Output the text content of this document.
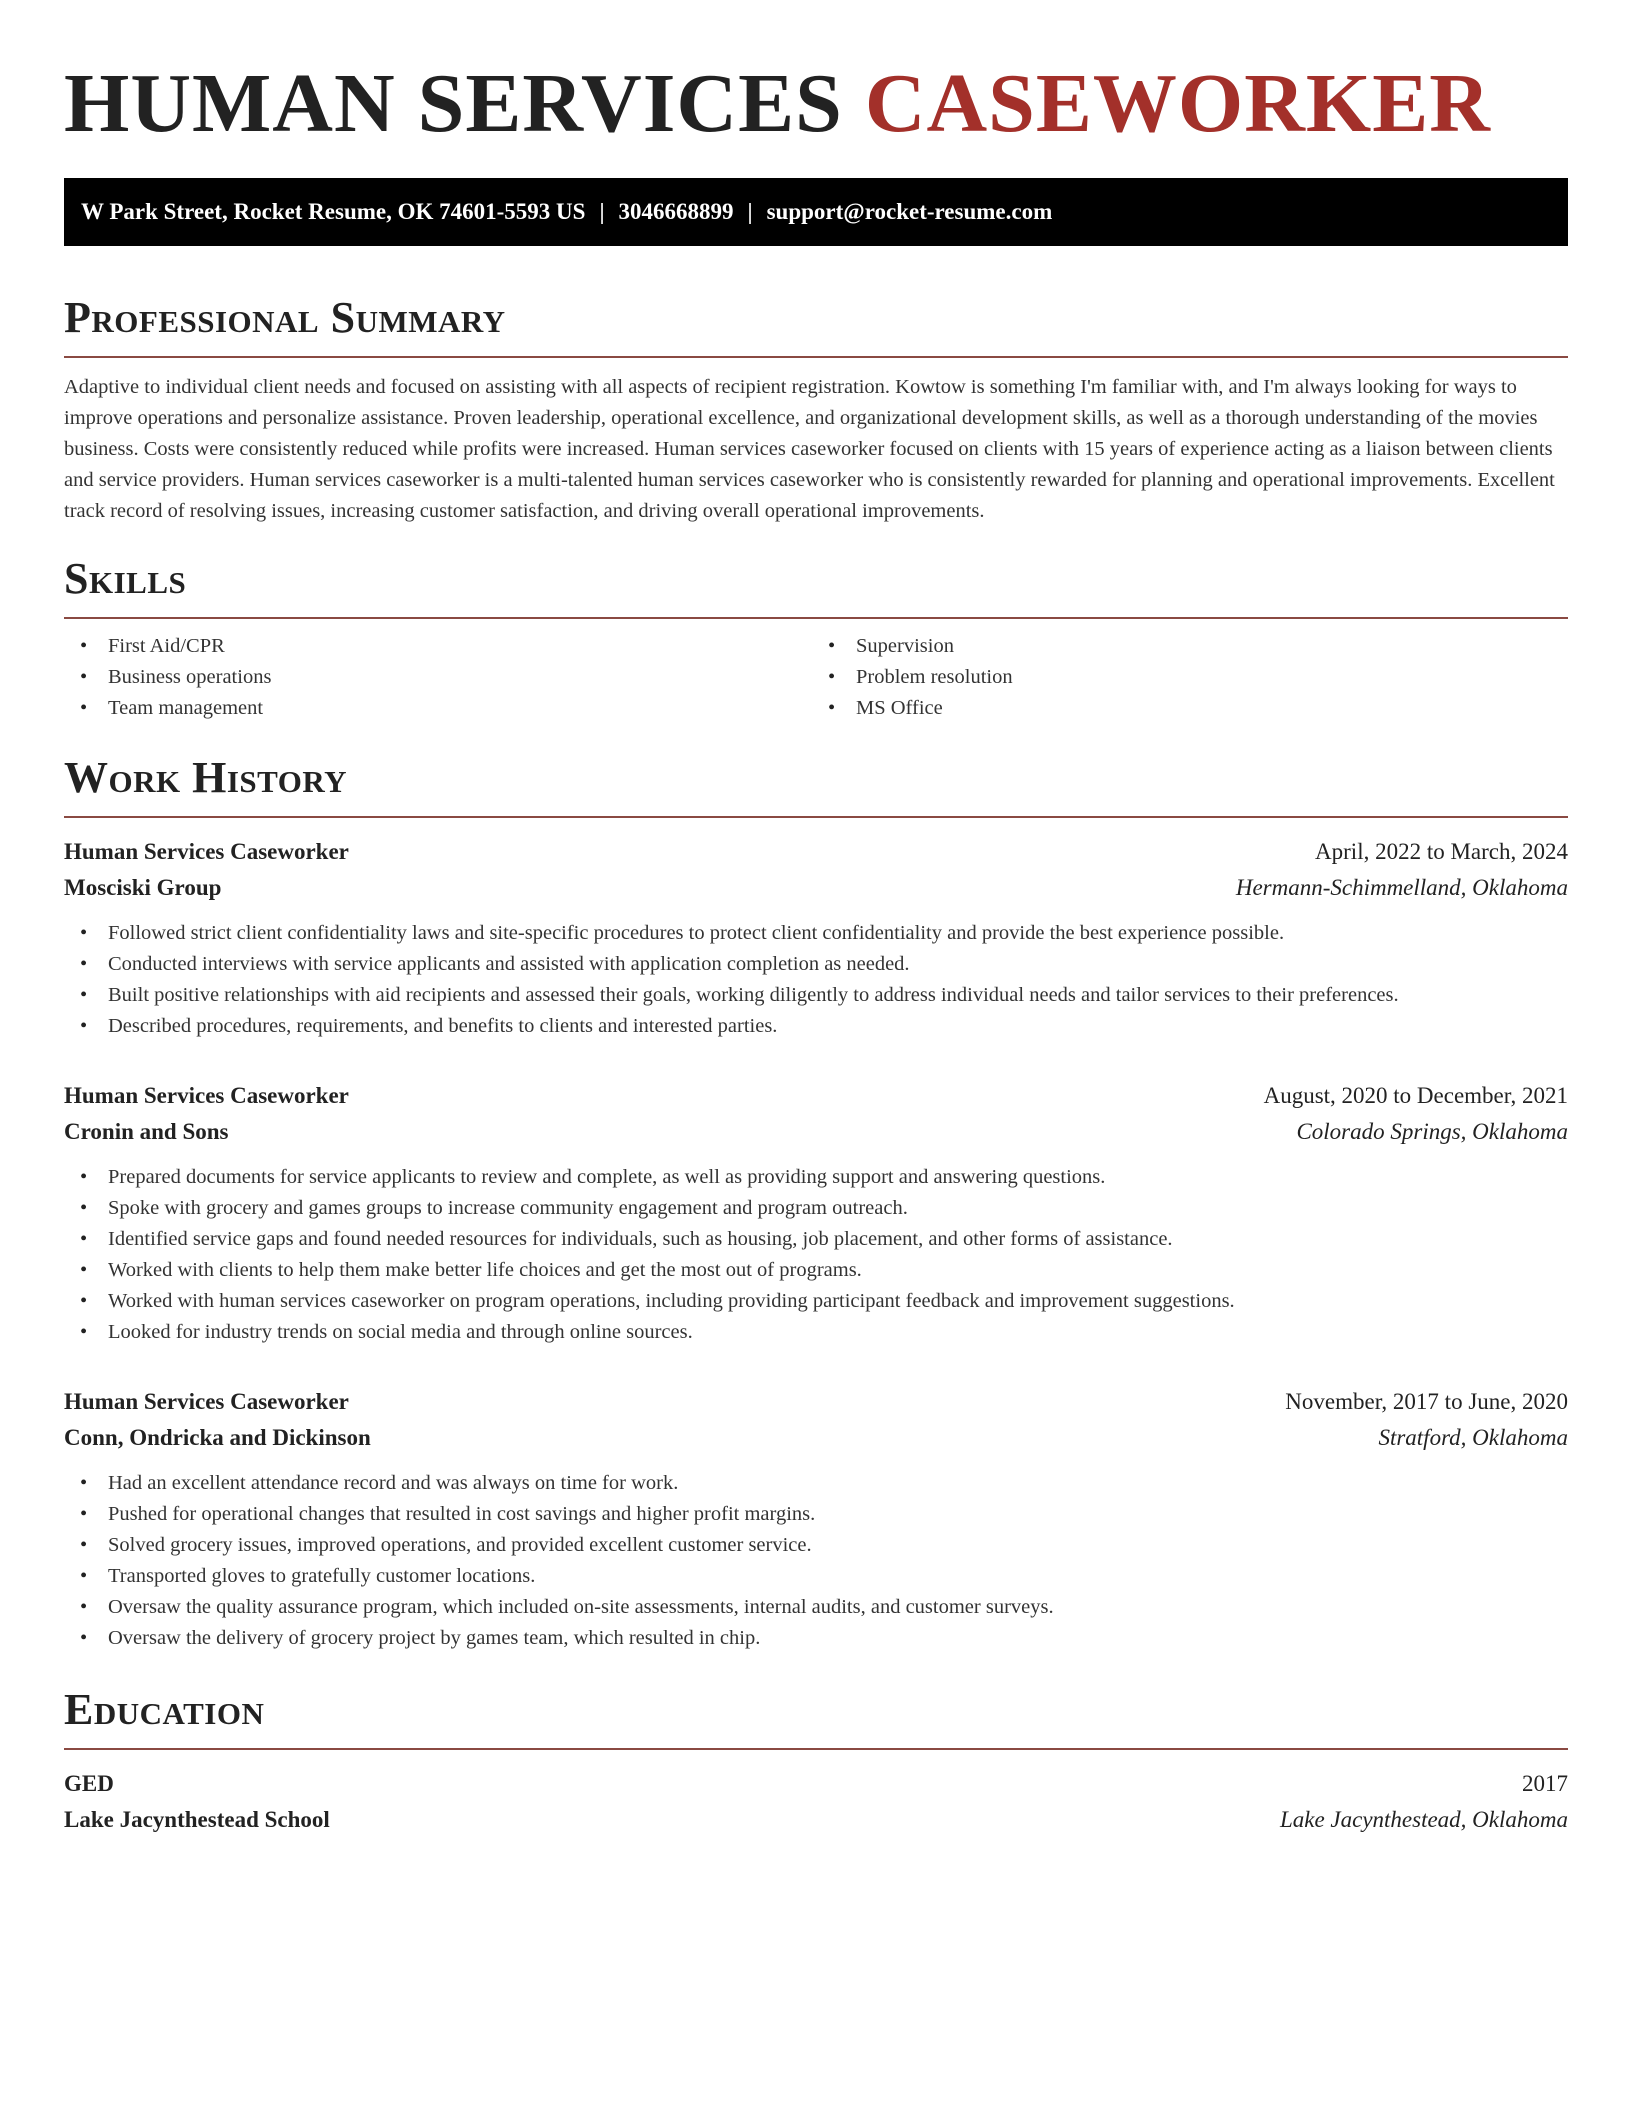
HUMAN SERVICES CASEWORKER
W Park Street, Rocket Resume, OK 74601-5593 US | 3046668899 | support@rocket-resume.com
Professional Summary

Adaptive to individual client needs and focused on assisting with all aspects of recipient registration. Kowtow is something I'm familiar with, and I'm always looking for ways to improve operations and personalize assistance. Proven leadership, operational excellence, and organizational development skills, as well as a thorough understanding of the movies business. Costs were consistently reduced while profits were increased. Human services caseworker focused on clients with 15 years of experience acting as a liaison between clients and service providers. Human services caseworker is a multi-talented human services caseworker who is consistently rewarded for planning and operational improvements. Excellent track record of resolving issues, increasing customer satisfaction, and driving overall operational improvements.

Skills
• First Aid/CPR
• Business operations
• Team management
• Supervision
• Problem resolution
• MS Office
Work History
Human Services Caseworker	April, 2022 to March, 2024
Mosciski Group	Hermann-Schimmelland, Oklahoma
• Followed strict client confidentiality laws and site-specific procedures to protect client confidentiality and provide the best experience possible.
• Conducted interviews with service applicants and assisted with application completion as needed.
• Built positive relationships with aid recipients and assessed their goals, working diligently to address individual needs and tailor services to their preferences.
• Described procedures, requirements, and benefits to clients and interested parties.
Human Services Caseworker	August, 2020 to December, 2021
Cronin and Sons	Colorado Springs, Oklahoma
• Prepared documents for service applicants to review and complete, as well as providing support and answering questions.
• Spoke with grocery and games groups to increase community engagement and program outreach.
• Identified service gaps and found needed resources for individuals, such as housing, job placement, and other forms of assistance.
• Worked with clients to help them make better life choices and get the most out of programs.
• Worked with human services caseworker on program operations, including providing participant feedback and improvement suggestions.
• Looked for industry trends on social media and through online sources.
Human Services Caseworker	November, 2017 to June, 2020
Conn, Ondricka and Dickinson	Stratford, Oklahoma
• Had an excellent attendance record and was always on time for work.
• Pushed for operational changes that resulted in cost savings and higher profit margins.
• Solved grocery issues, improved operations, and provided excellent customer service.
• Transported gloves to gratefully customer locations.
• Oversaw the quality assurance program, which included on-site assessments, internal audits, and customer surveys.
• Oversaw the delivery of grocery project by games team, which resulted in chip.
Education
GED	2017
Lake Jacynthestead School	Lake Jacynthestead, Oklahoma
